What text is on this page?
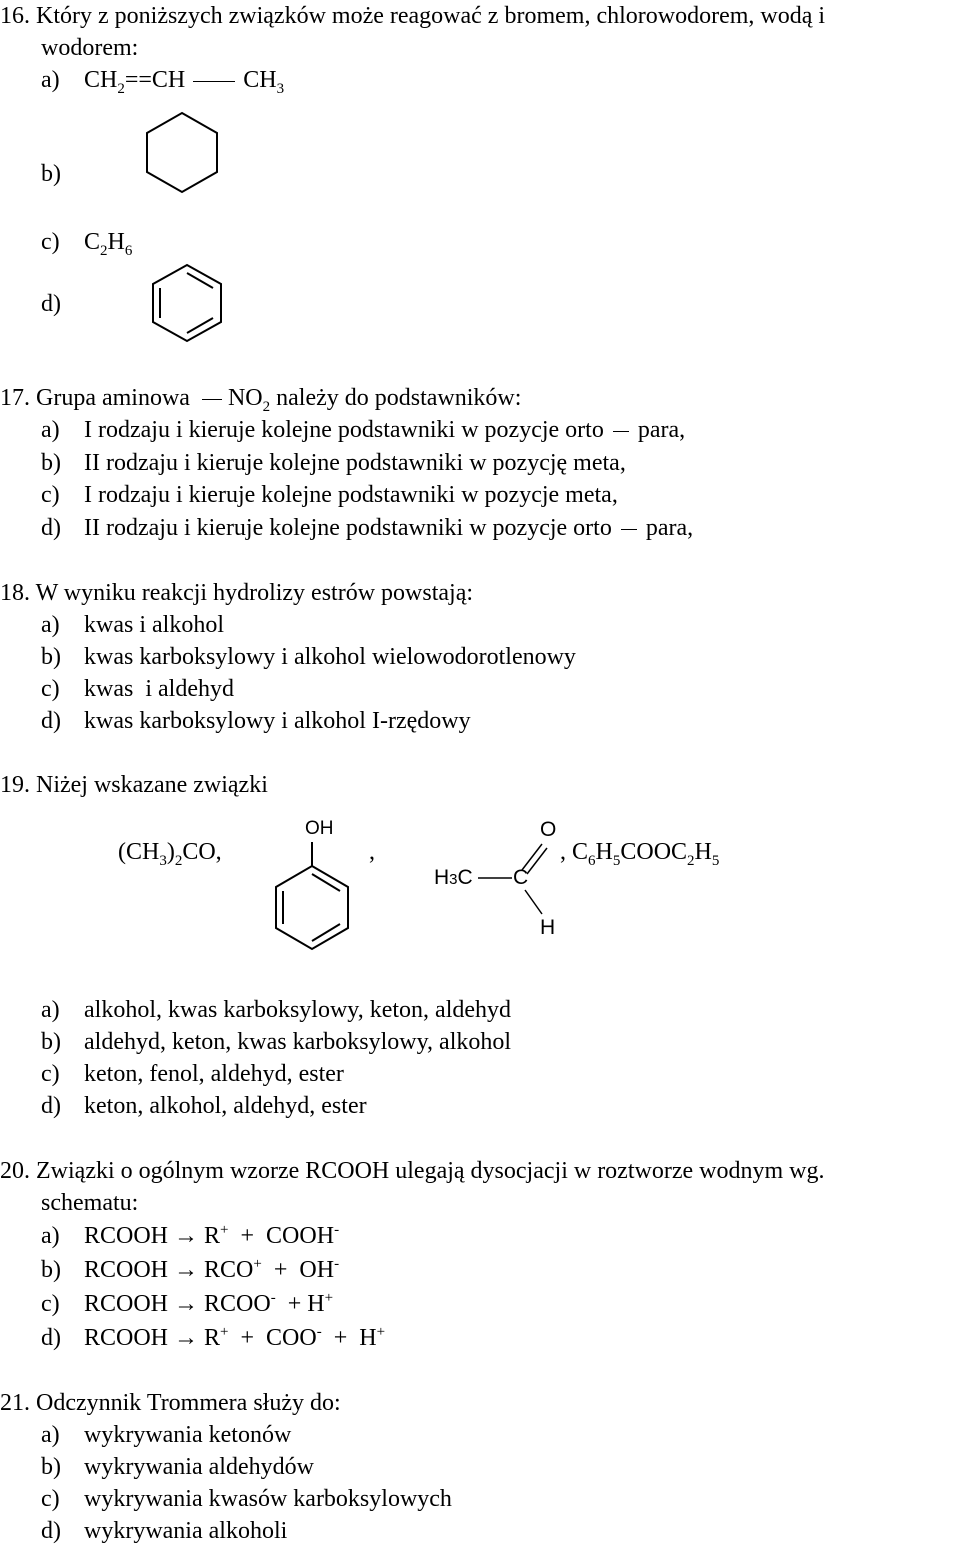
16. Który z poniższych związków może reagować z bromem, chlorowodorem, wodą i
wodorem:
a) $CH_2==CH$ $CH_3$
b)
c) $C_2H_6$
d)
17. Grupa aminowa $NO_2$ należy do podstawników:
a) I rodzaju i kieruje kolejne podstawniki w pozycje orto para,
b) II rodzaju i kieruje kolejne podstawniki w pozycję meta,
c) I rodzaju i kieruje kolejne podstawniki w pozycje meta,
d) II rodzaju i kieruje kolejne podstawniki w pozycje orto para,
18. W wyniku reakcji hydrolizy estrów powstają:
a) kwas i alkohol
b) kwas karboksylowy i alkohol wielowodorotlenowy
c) kwas  i aldehyd
d) kwas karboksylowy i alkohol I-rzędowy
19. Niżej wskazane związki
$(CH_3)_2CO$,
OH
,
H3C C
O
H
, $C_6H_5COOC_2H_5$
a) alkohol, kwas karboksylowy, keton, aldehyd
b) aldehyd, keton, kwas karboksylowy, alkohol
c) keton, fenol, aldehyd, ester
d) keton, alkohol, aldehyd, ester
20. Związki o ogólnym wzorze RCOOH ulegają dysocjacji w roztworze wodnym wg.
schematu:
a) RCOOH → R+ + COOH-
b) RCOOH → RCO+ + OH-
c) RCOOH → RCOO- + H+
d) RCOOH → R+ + COO- + H+
21. Odczynnik Trommera służy do:
a) wykrywania ketonów
b) wykrywania aldehydów
c) wykrywania kwasów karboksylowych
d) wykrywania alkoholi
